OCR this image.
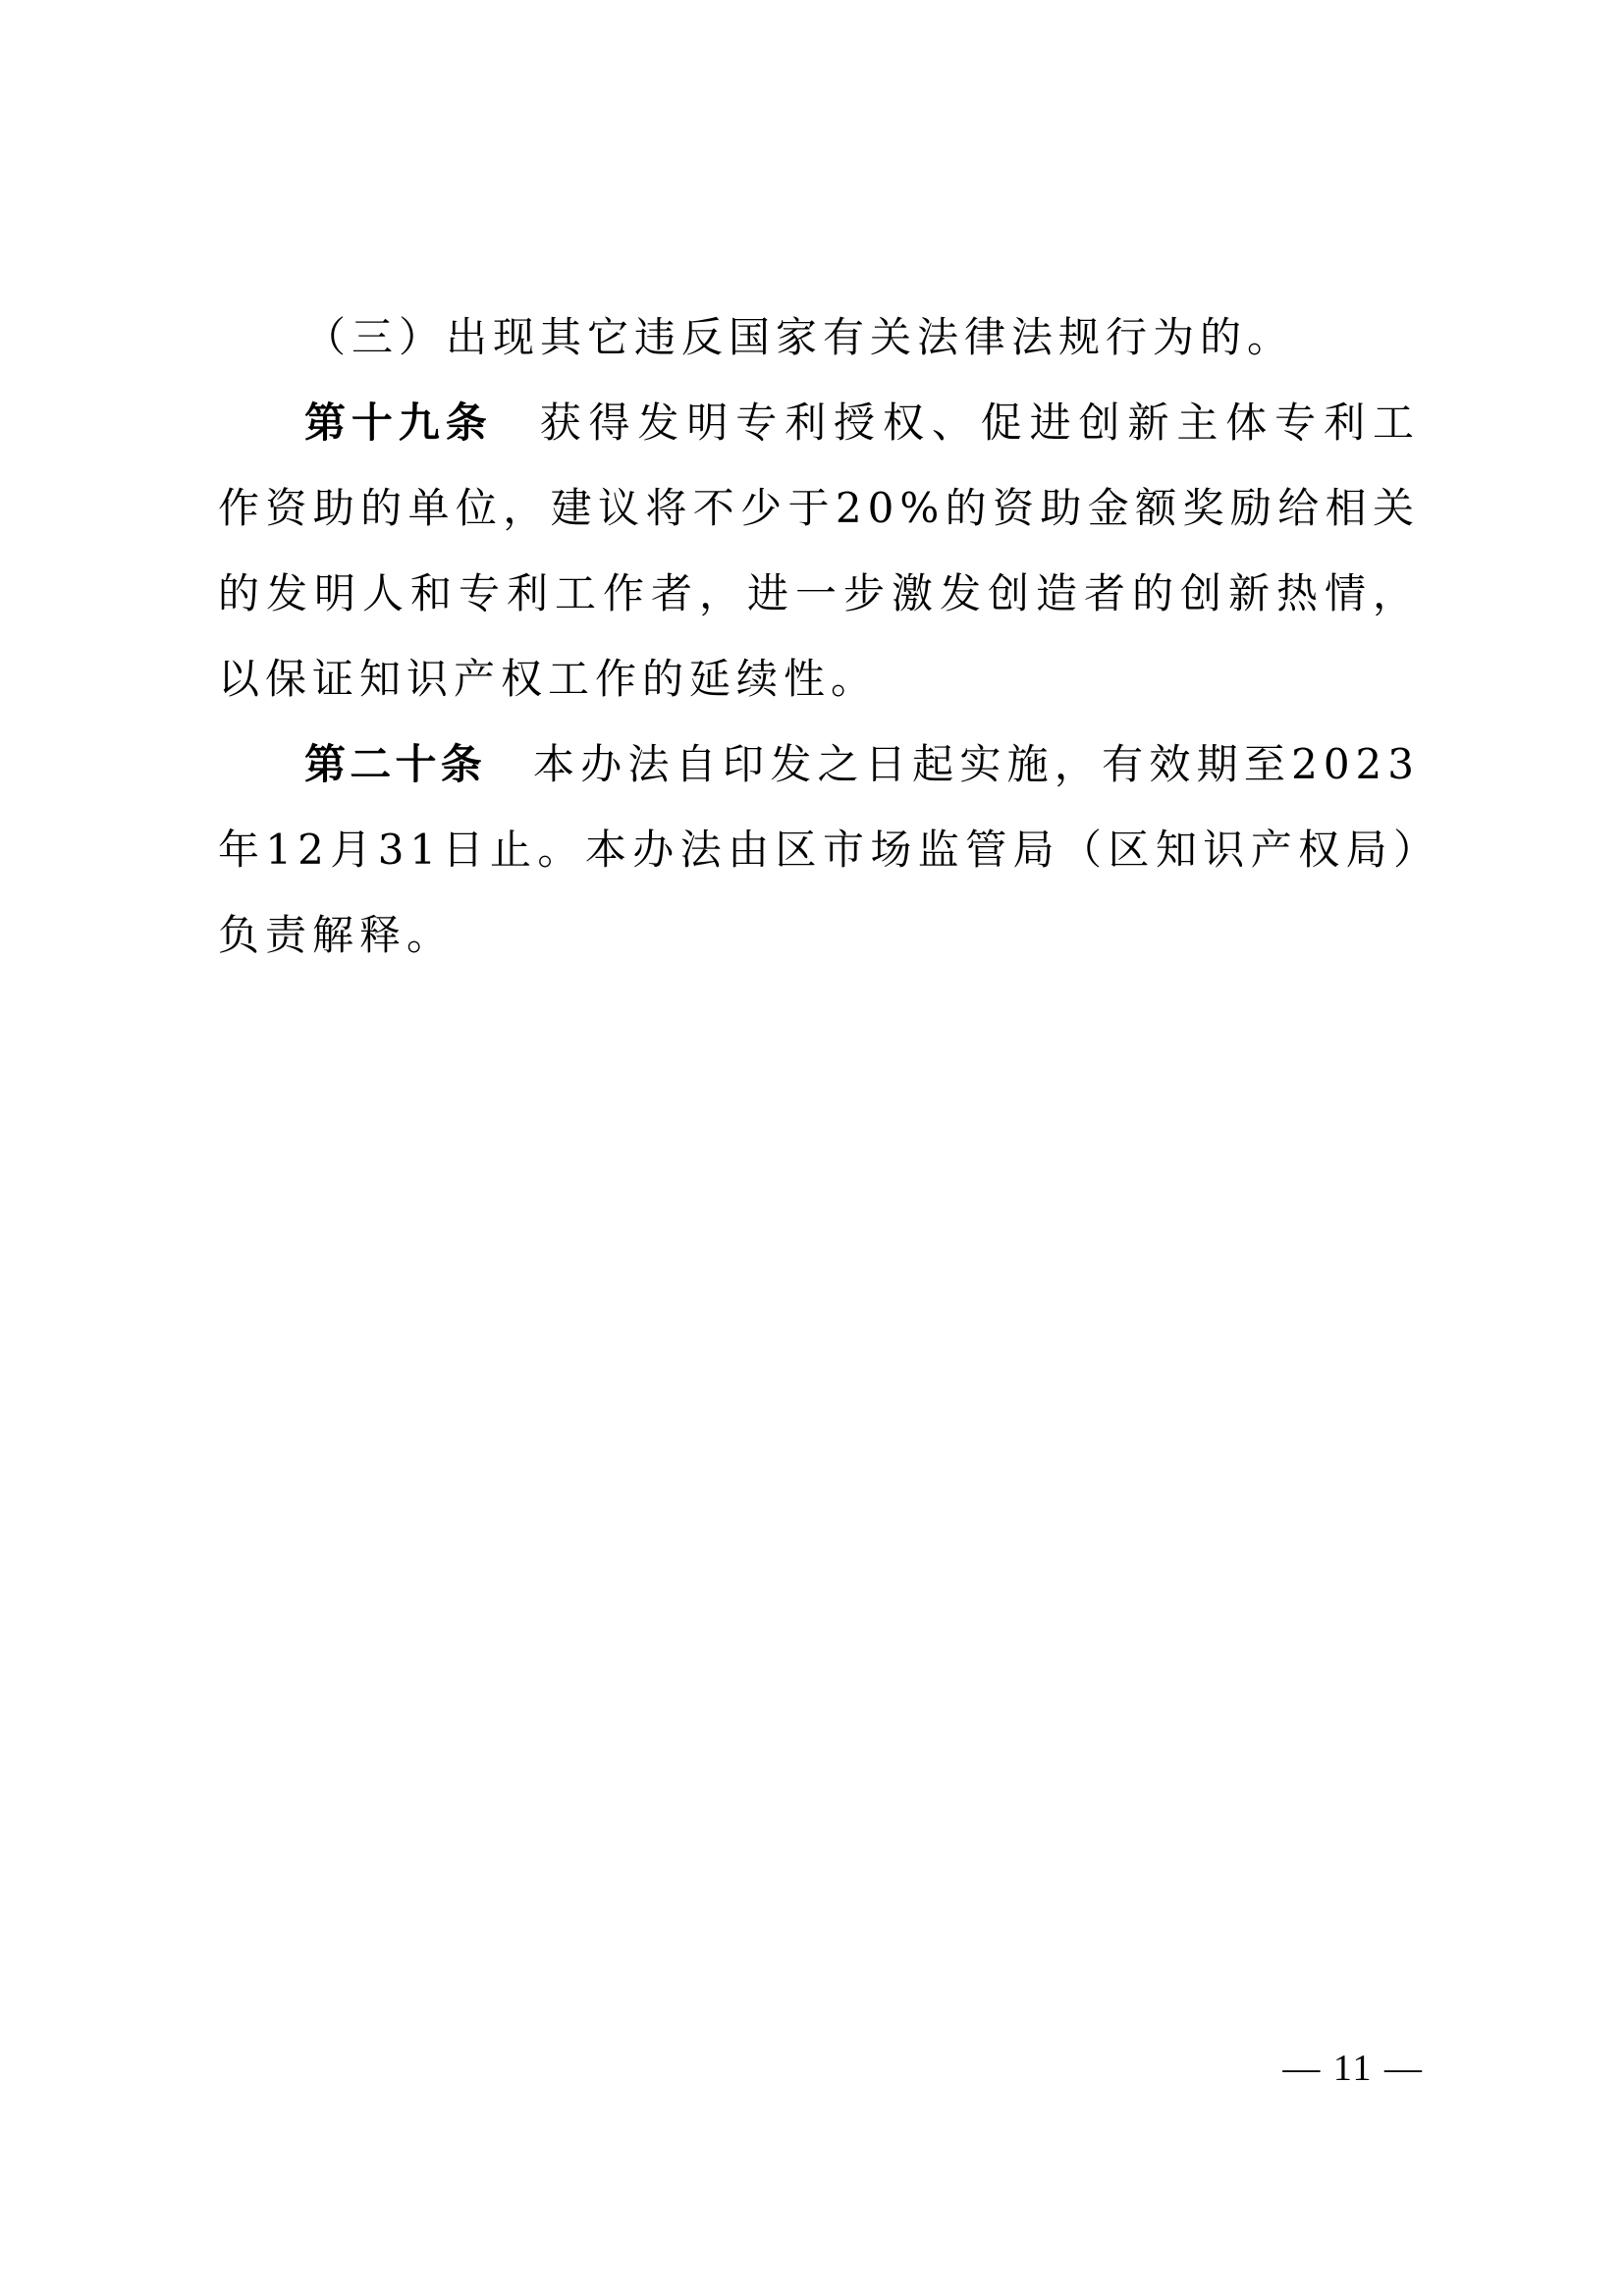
（三）出现其它违反国家有关法律法规行为的。

第十九条 获得发明专利授权、促进创新主体专利工作资助的单位，建议将不少于20%的资助金额奖励给相关的发明人和专利工作者，进一步激发创造者的创新热情，以保证知识产权工作的延续性。

第二十条 本办法自印发之日起实施，有效期至2023年12月31日止。本办法由区市场监管局（区知识产权局）负责解释。

— 11 —
